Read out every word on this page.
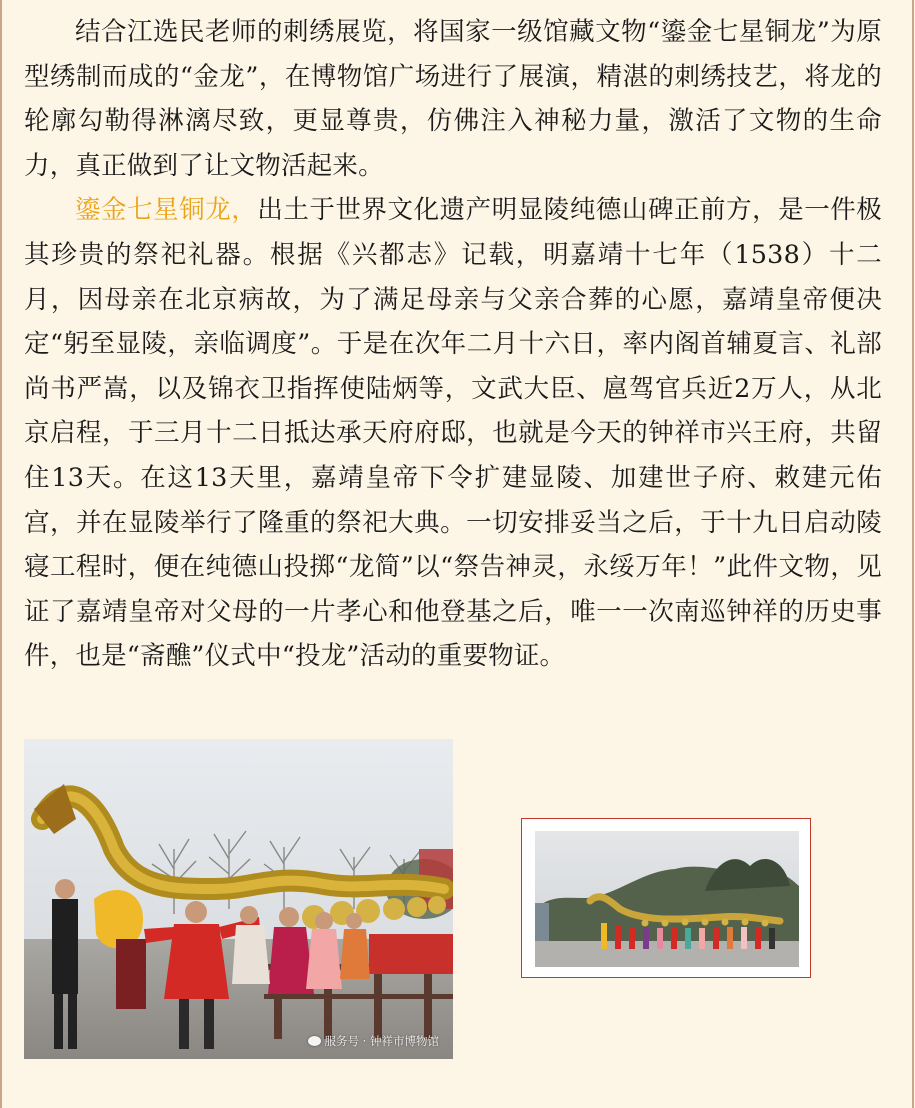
结合江选民老师的刺绣展览，将国家一级馆藏文物“鎏金七星铜龙”为原型绣制而成的“金龙”，在博物馆广场进行了展演，精湛的刺绣技艺，将龙的轮廓勾勒得淋漓尽致，更显尊贵，仿佛注入神秘力量，激活了文物的生命力，真正做到了让文物活起来。

鎏金七星铜龙，出土于世界文化遗产明显陵纯德山碑正前方，是一件极其珍贵的祭祀礼器。根据《兴都志》记载，明嘉靖十七年（1538）十二月，因母亲在北京病故，为了满足母亲与父亲合葬的心愿，嘉靖皇帝便决定“躬至显陵，亲临调度”。于是在次年二月十六日，率内阁首辅夏言、礼部尚书严嵩，以及锦衣卫指挥使陆炳等，文武大臣、扈驾官兵近2万人，从北京启程，于三月十二日抵达承天府府邸，也就是今天的钟祥市兴王府，共留住13天。在这13天里，嘉靖皇帝下令扩建显陵、加建世子府、敕建元佑宫，并在显陵举行了隆重的祭祀大典。一切安排妥当之后，于十九日启动陵寝工程时，便在纯德山投掷“龙简”以“祭告神灵，永绥万年！”此件文物，见证了嘉靖皇帝对父母的一片孝心和他登基之后，唯一一次南巡钟祥的历史事件，也是“斋醮”仪式中“投龙”活动的重要物证。

服务号 · 钟祥市博物馆
